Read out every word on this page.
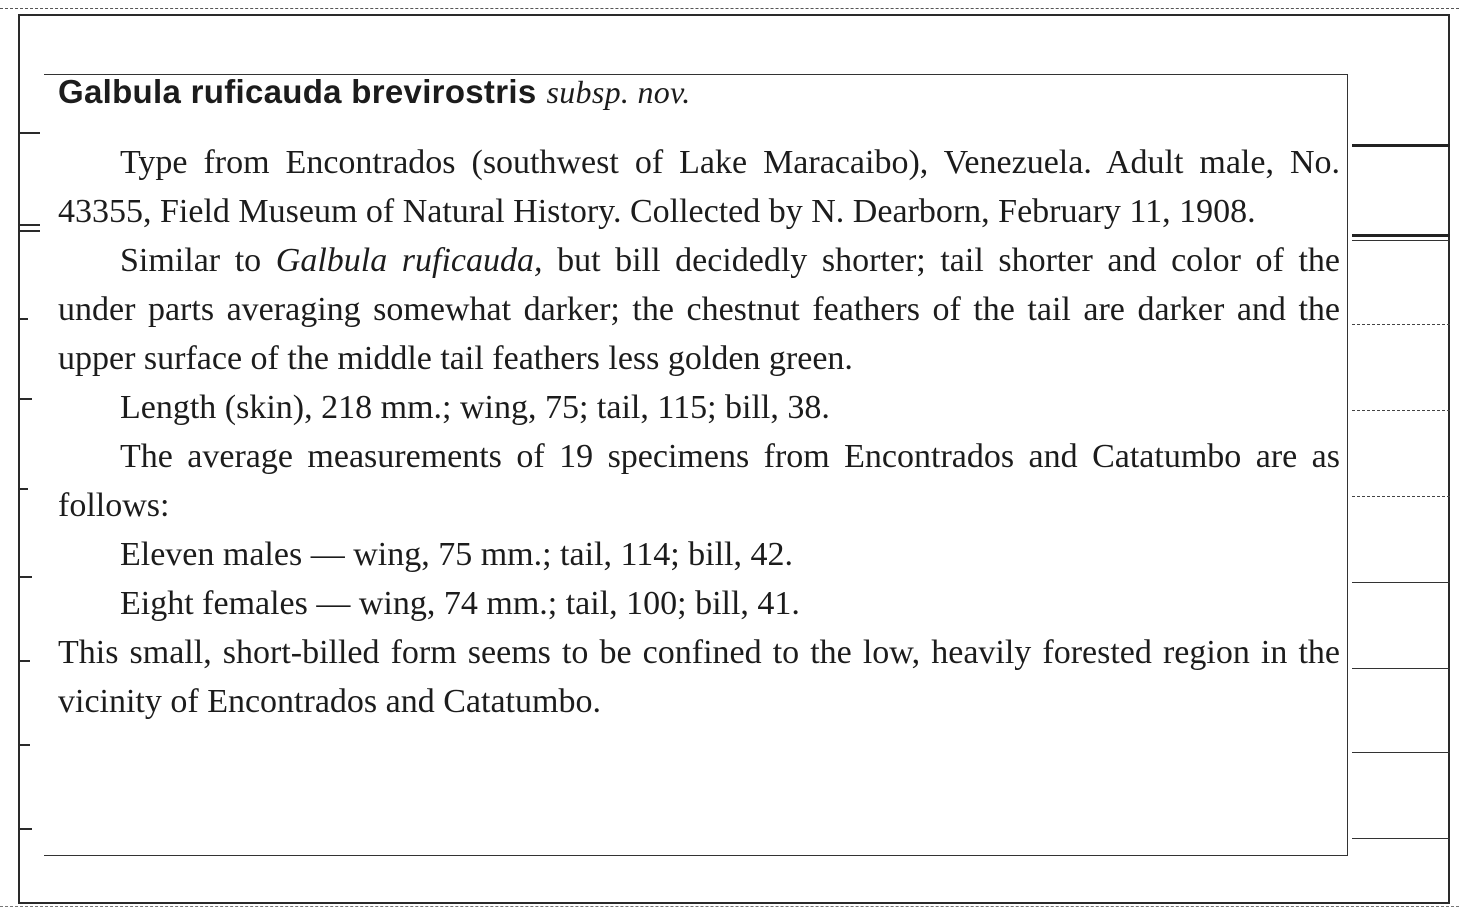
Galbula ruficauda brevirostris subsp. nov.

Type from Encontrados (southwest of Lake Maracaibo), Venezuela. Adult male, No. 43355, Field Museum of Natural History. Collected by N. Dearborn, February 11, 1908.

Similar to Galbula ruficauda, but bill decidedly shorter; tail shorter and color of the under parts averaging somewhat darker; the chestnut feathers of the tail are darker and the upper surface of the middle tail feathers less golden green.

Length (skin), 218 mm.; wing, 75; tail, 115; bill, 38.

The average measurements of 19 specimens from Encontrados and Catatumbo are as follows:

Eleven males — wing, 75 mm.; tail, 114; bill, 42.
Eight females — wing, 74 mm.; tail, 100; bill, 41.

This small, short-billed form seems to be confined to the low, heavily forested region in the vicinity of Encontrados and Catatumbo.
